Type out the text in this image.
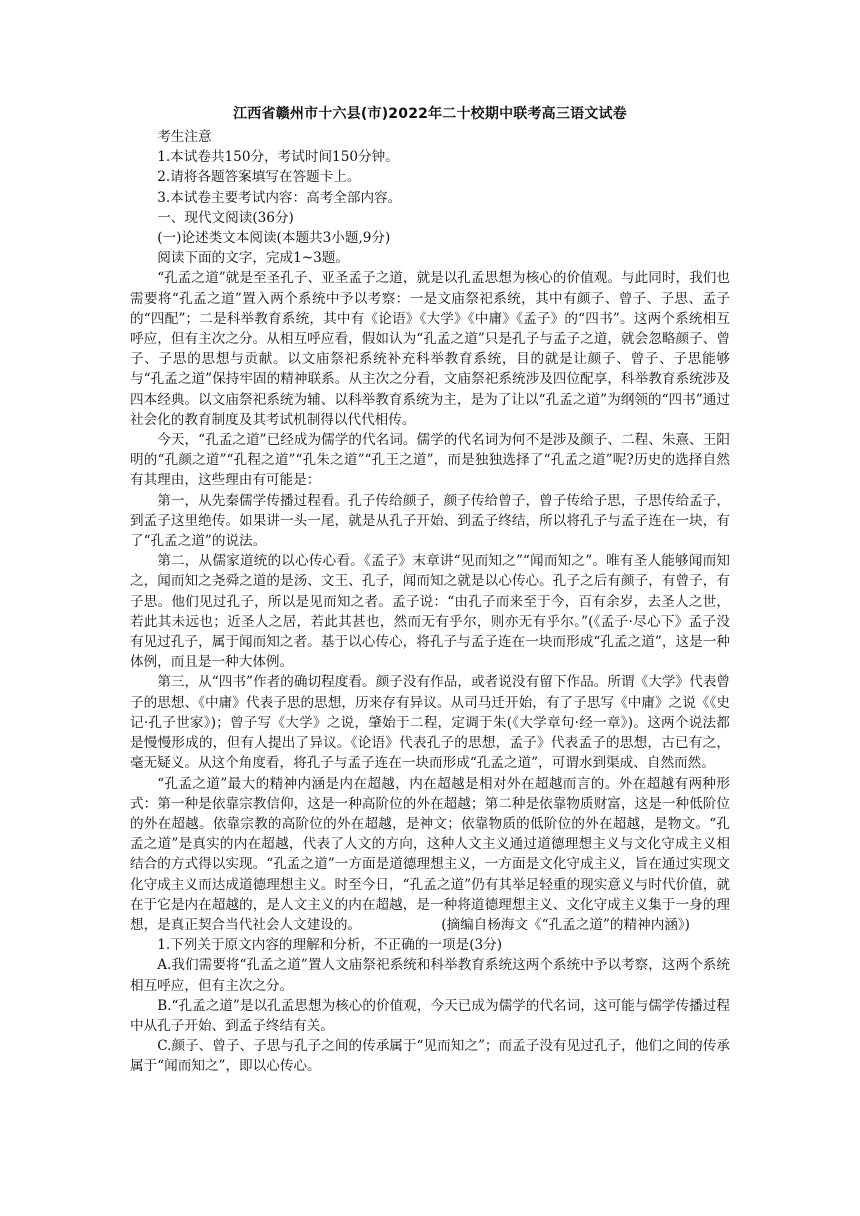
江西省赣州市十六县(市)2022年二十校期中联考高三语文试卷

考生注意

1.本试卷共150分，考试时间150分钟。

2.请将各题答案填写在答题卡上。

3.本试卷主要考试内容：高考全部内容。

一、现代文阅读(36分)

(一)论述类文本阅读(本题共3小题,9分)

阅读下面的文字，完成1~3题。

“孔孟之道”就是至圣孔子、亚圣孟子之道，就是以孔孟思想为核心的价值观。与此同时，我们也需要将“孔孟之道”置入两个系统中予以考察：一是文庙祭祀系统，其中有颜子、曾子、子思、孟子的“四配”；二是科举教育系统，其中有《论语》《大学》《中庸》《孟子》的“四书”。这两个系统相互呼应，但有主次之分。从相互呼应看，假如认为“孔孟之道”只是孔子与孟子之道，就会忽略颜子、曾子、子思的思想与贡献。以文庙祭祀系统补充科举教育系统，目的就是让颜子、曾子、子思能够与“孔孟之道”保持牢固的精神联系。从主次之分看，文庙祭祀系统涉及四位配享，科举教育系统涉及四本经典。以文庙祭祀系统为辅、以科举教育系统为主，是为了让以“孔孟之道”为纲领的“四书”通过社会化的教育制度及其考试机制得以代代相传。

今天，“孔孟之道”已经成为儒学的代名词。儒学的代名词为何不是涉及颜子、二程、朱熹、王阳明的“孔颜之道”“孔程之道”“孔朱之道”“孔王之道”，而是独独选择了“孔孟之道”呢?历史的选择自然有其理由，这些理由有可能是：

第一，从先秦儒学传播过程看。孔子传给颜子，颜子传给曾子，曾子传给子思，子思传给孟子，到孟子这里绝传。如果讲一头一尾，就是从孔子开始、到孟子终结，所以将孔子与孟子连在一块，有了“孔孟之道”的说法。

第二，从儒家道统的以心传心看。《孟子》末章讲“见而知之”“闻而知之”。唯有圣人能够闻而知之，闻而知之尧舜之道的是汤、文王、孔子，闻而知之就是以心传心。孔子之后有颜子，有曾子，有子思。他们见过孔子，所以是见而知之者。孟子说：“由孔子而来至于今，百有余岁，去圣人之世，若此其未远也；近圣人之居，若此其甚也，然而无有乎尔，则亦无有乎尔。”(《孟子·尽心下》孟子没有见过孔子，属于闻而知之者。基于以心传心，将孔子与孟子连在一块而形成“孔孟之道”，这是一种体例，而且是一种大体例。

第三，从“四书”作者的确切程度看。颜子没有作品，或者说没有留下作品。所谓《大学》代表曾子的思想、《中庸》代表子思的思想，历来存有异议。从司马迁开始，有了子思写《中庸》之说《《史记·孔子世家》)；曾子写《大学》之说，肇始于二程，定调于朱(《大学章句·经一章》)。这两个说法都是慢慢形成的，但有人提出了异议。《论语》代表孔子的思想，孟子》代表孟子的思想，古已有之，毫无疑义。从这个角度看，将孔子与孟子连在一块而形成“孔孟之道”，可谓水到渠成、自然而然。

“孔孟之道”最大的精神内涵是内在超越，内在超越是相对外在超越而言的。外在超越有两种形式：第一种是依靠宗教信仰，这是一种高阶位的外在超越；第二种是依靠物质财富，这是一种低阶位的外在超越。依靠宗教的高阶位的外在超越，是神文；依靠物质的低阶位的外在超越，是物文。“孔孟之道”是真实的内在超越，代表了人文的方向，这种人文主义通过道德理想主义与文化守成主义相结合的方式得以实现。“孔孟之道”一方面是道德理想主义，一方面是文化守成主义，旨在通过实现文化守成主义而达成道德理想主义。时至今日，“孔孟之道”仍有其举足轻重的现实意义与时代价值，就在于它是内在超越的，是人文主义的内在超越，是一种将道德理想主义、文化守成主义集于一身的理想，是真正契合当代社会人文建设的。	(摘编自杨海文《“孔孟之道”的精神内涵》)

1.下列关于原文内容的理解和分析，不正确的一项是(3分)

A.我们需要将“孔孟之道”置人文庙祭祀系统和科举教育系统这两个系统中予以考察，这两个系统相互呼应，但有主次之分。

B.“孔孟之道”是以孔孟思想为核心的价值观，今天已成为儒学的代名词，这可能与儒学传播过程中从孔子开始、到孟子终结有关。

C.颜子、曾子、子思与孔子之间的传承属于“见而知之”；而孟子没有见过孔子，他们之间的传承属于“闻而知之”，即以心传心。
